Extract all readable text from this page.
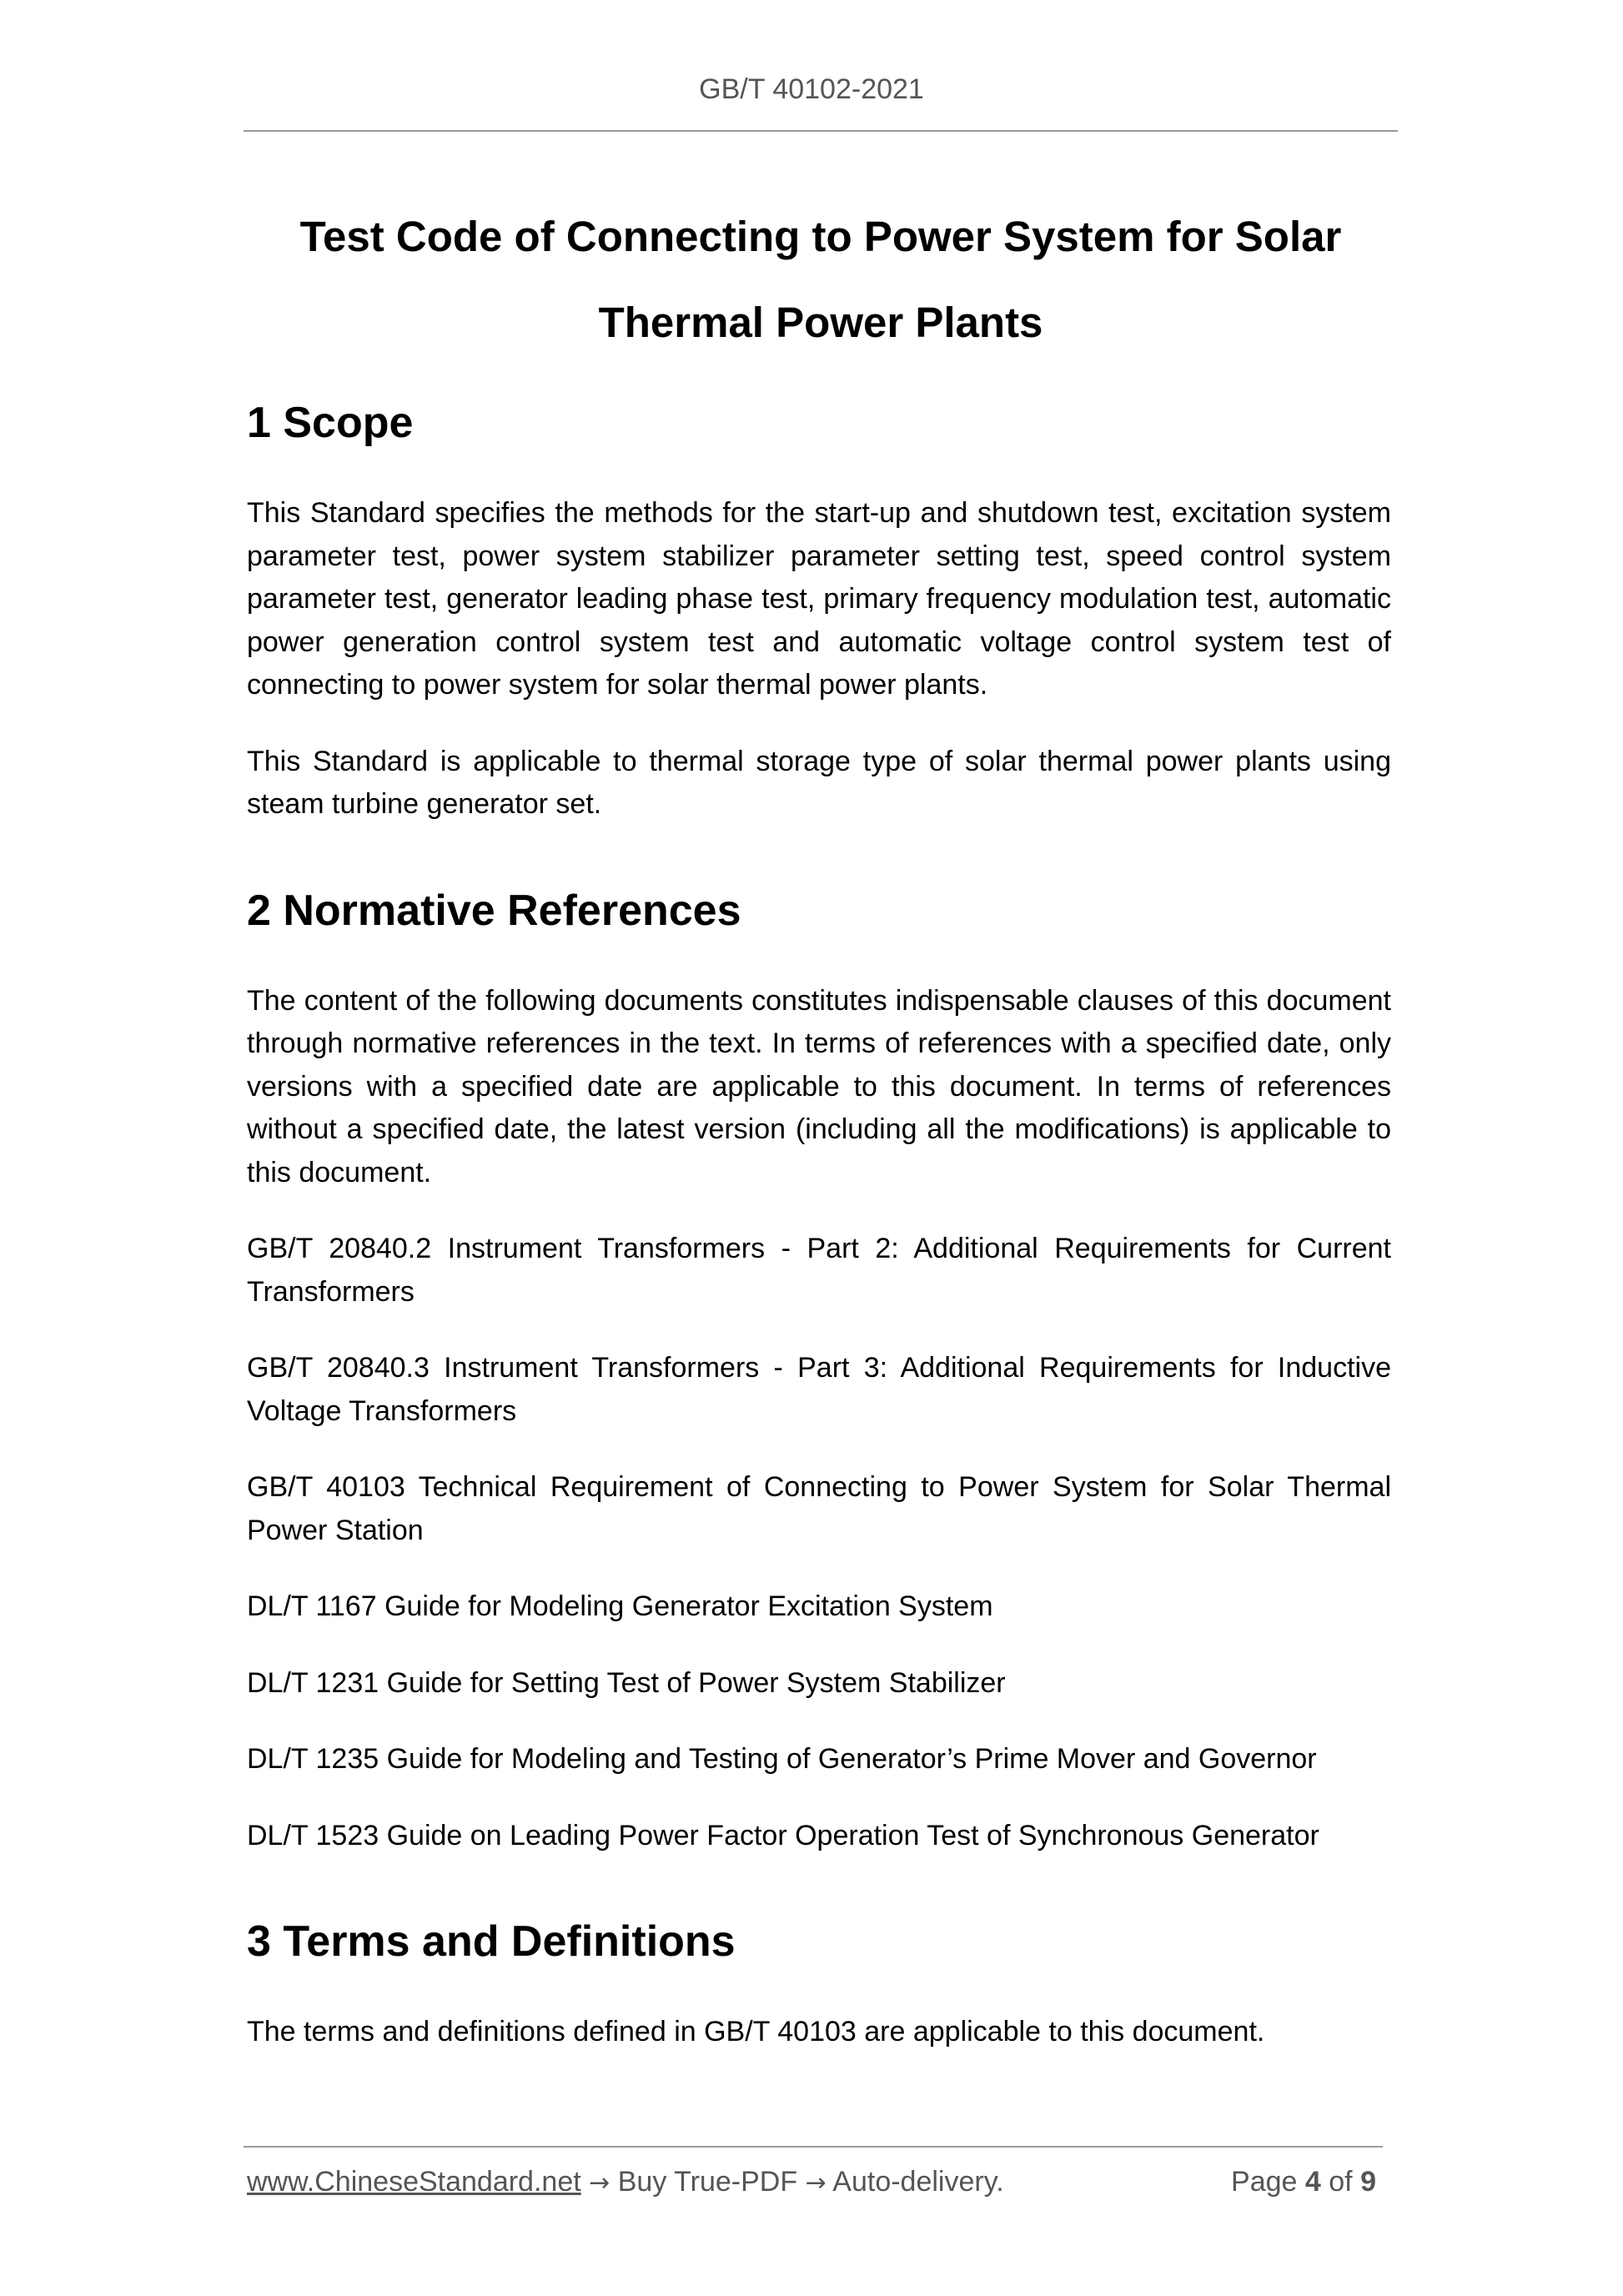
GB/T 40102-2021
Test Code of Connecting to Power System for Solar
Thermal Power Plants
1 Scope

This Standard specifies the methods for the start-up and shutdown test, excitation system parameter test, power system stabilizer parameter setting test, speed control system parameter test, generator leading phase test, primary frequency modulation test, automatic power generation control system test and automatic voltage control system test of connecting to power system for solar thermal power plants.

This Standard is applicable to thermal storage type of solar thermal power plants using steam turbine generator set.

2 Normative References

The content of the following documents constitutes indispensable clauses of this document through normative references in the text. In terms of references with a specified date, only versions with a specified date are applicable to this document. In terms of references without a specified date, the latest version (including all the modifications) is applicable to this document.

GB/T 20840.2 Instrument Transformers - Part 2: Additional Requirements for Current Transformers

GB/T 20840.3 Instrument Transformers - Part 3: Additional Requirements for Inductive Voltage Transformers

GB/T 40103 Technical Requirement of Connecting to Power System for Solar Thermal Power Station

DL/T 1167 Guide for Modeling Generator Excitation System

DL/T 1231 Guide for Setting Test of Power System Stabilizer

DL/T 1235 Guide for Modeling and Testing of Generator’s Prime Mover and Governor

DL/T 1523 Guide on Leading Power Factor Operation Test of Synchronous Generator

3 Terms and Definitions

The terms and definitions defined in GB/T 40103 are applicable to this document.

www.ChineseStandard.net → Buy True-PDF → Auto-delivery.	Page 4 of 9
